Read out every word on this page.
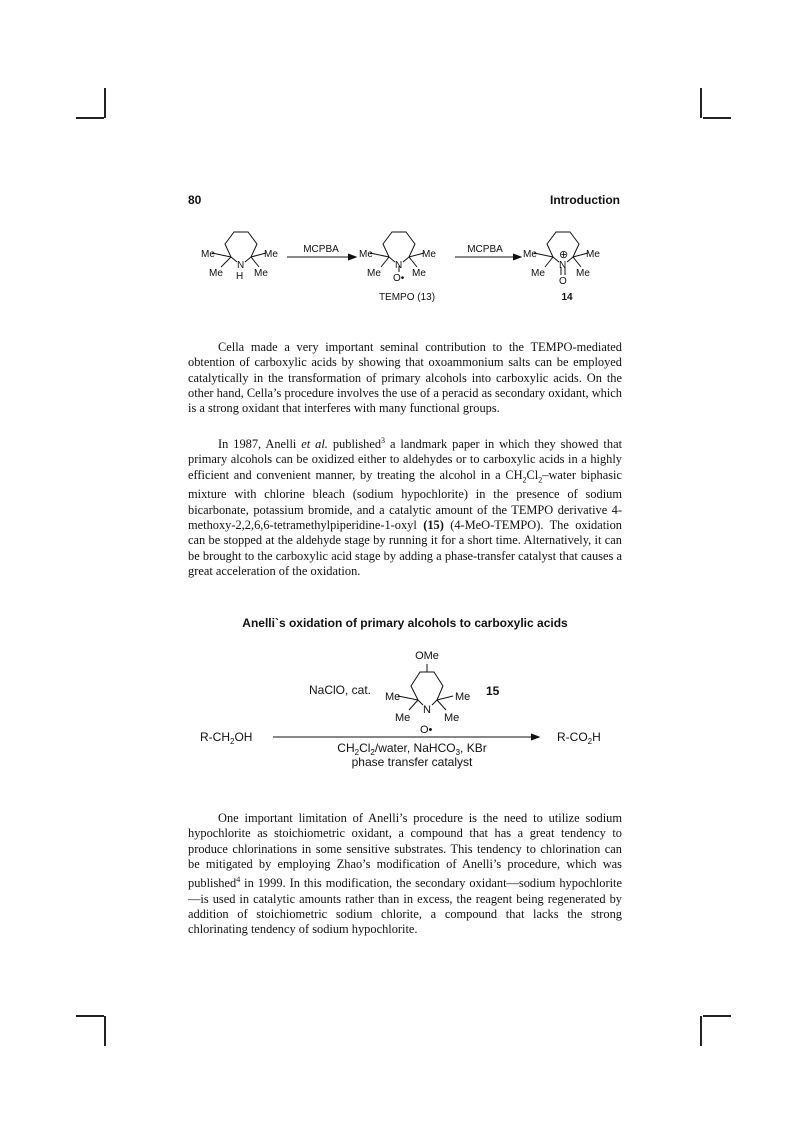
80	Introduction
Me	Me
Me	Me
N
H
MCPBA Me	Me
Me	Me
N
O•
TEMPO (13)
MCPBA Me	Me
Me	Me
N
⊕
O
14

Cella made a very important seminal contribution to the TEMPO-mediated obtention of carboxylic acids by showing that oxoammonium salts can be employed catalytically in the transformation of primary alcohols into carboxylic acids. On the other hand, Cella’s procedure involves the use of a peracid as secondary oxidant, which is a strong oxidant that interferes with many functional groups.

In 1987, Anelli et al. published$^3$ a landmark paper in which they showed that primary alcohols can be oxidized either to aldehydes or to carboxylic acids in a highly efficient and convenient manner, by treating the alcohol in a $CH_2Cl_2$–water biphasic mixture with chlorine bleach (sodium hypochlorite) in the presence of sodium bicarbonate, potassium bromide, and a catalytic amount of the TEMPO derivative 4-methoxy-2,2,6,6-tetramethylpiperidine-1-oxyl (15) (4-MeO-TEMPO). The oxidation can be stopped at the aldehyde stage by running it for a short time. Alternatively, it can be brought to the carboxylic acid stage by adding a phase-transfer catalyst that causes a great acceleration of the oxidation.

Anelli`s oxidation of primary alcohols to carboxylic acids
OMe
Me	Me
Me	Me
N
O•
15
NaClO, cat.
$R-CH_2OH$	$R-CO_2H$
$CH_2Cl_2$/water, NaHCO$_3$, KBr
phase transfer catalyst

One important limitation of Anelli’s procedure is the need to utilize sodium hypochlorite as stoichiometric oxidant, a compound that has a great tendency to produce chlorinations in some sensitive substrates. This tendency to chlorination can be mitigated by employing Zhao’s modification of Anelli’s procedure, which was published$^4$ in 1999. In this modification, the secondary oxidant—sodium hypochlorite—is used in catalytic amounts rather than in excess, the reagent being regenerated by addition of stoichiometric sodium chlorite, a compound that lacks the strong chlorinating tendency of sodium hypochlorite.
